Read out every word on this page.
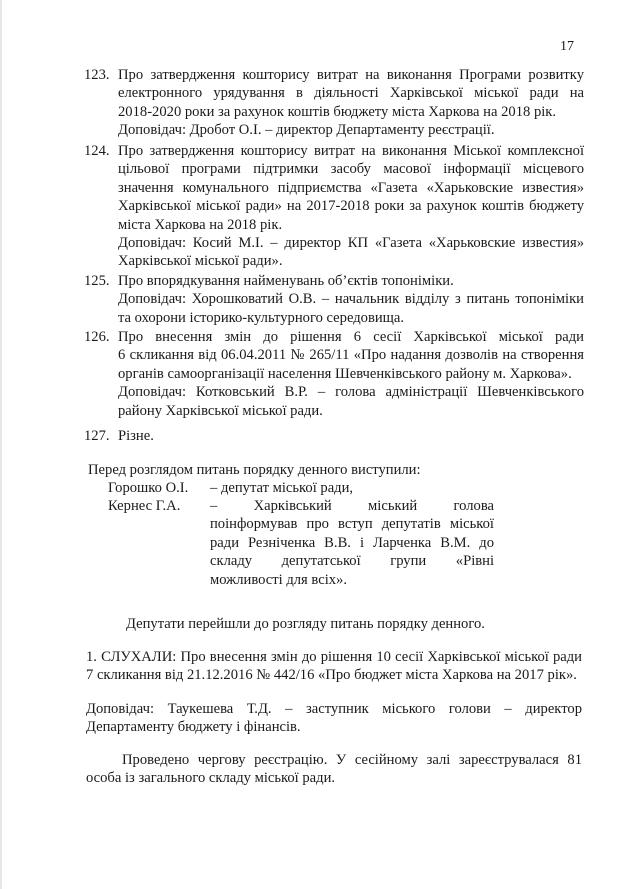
17
123. Про затвердження кошторису витрат на виконання Програми розвитку

електронного урядування в діяльності Харківської міської ради на

2018-2020 роки за рахунок коштів бюджету міста Харкова на 2018 рік.

Доповідач: Дробот О.І. – директор Департаменту реєстрації.

124. Про затвердження кошторису витрат на виконання Міської комплексної

цільової програми підтримки засобу масової інформації місцевого

значення комунального підприємства «Газета «Харьковские известия»

Харківської міської ради» на 2017-2018 роки за рахунок коштів бюджету

міста Харкова на 2018 рік.

Доповідач: Косий М.І. – директор КП «Газета «Харьковские известия»

Харківської міської ради».

125. Про впорядкування найменувань об’єктів топоніміки.

Доповідач: Хорошковатий О.В. – начальник відділу з питань топоніміки

та охорони історико-культурного середовища.

126. Про внесення змін до рішення 6 сесії Харківської міської ради

6 скликання від 06.04.2011 № 265/11 «Про надання дозволів на створення

органів самоорганізації населення Шевченківського району м. Харкова».

Доповідач: Котковський В.Р. – голова адміністрації Шевченківського

району Харківської міської ради.

127. Різне.

Перед розглядом питань порядку денного виступили:
Горошко О.І. – депутат міської ради,
Кернес Г.А. – Харківський міський голова
поінформував про вступ депутатів міської
ради Резніченка В.В. і Ларченка В.М. до
складу депутатської групи «Рівні
можливості для всіх».
Депутати перейшли до розгляду питань порядку денного.

1. СЛУХАЛИ: Про внесення змін до рішення 10 сесії Харківської міської ради 7 скликання від 21.12.2016 № 442/16 «Про бюджет міста Харкова на 2017 рік».

Доповідач: Таукешева Т.Д. – заступник міського голови – директор
Департаменту бюджету і фінансів.

Проведено чергову реєстрацію. У сесійному залі зареєструвалася 81 особа із загального складу міської ради.
